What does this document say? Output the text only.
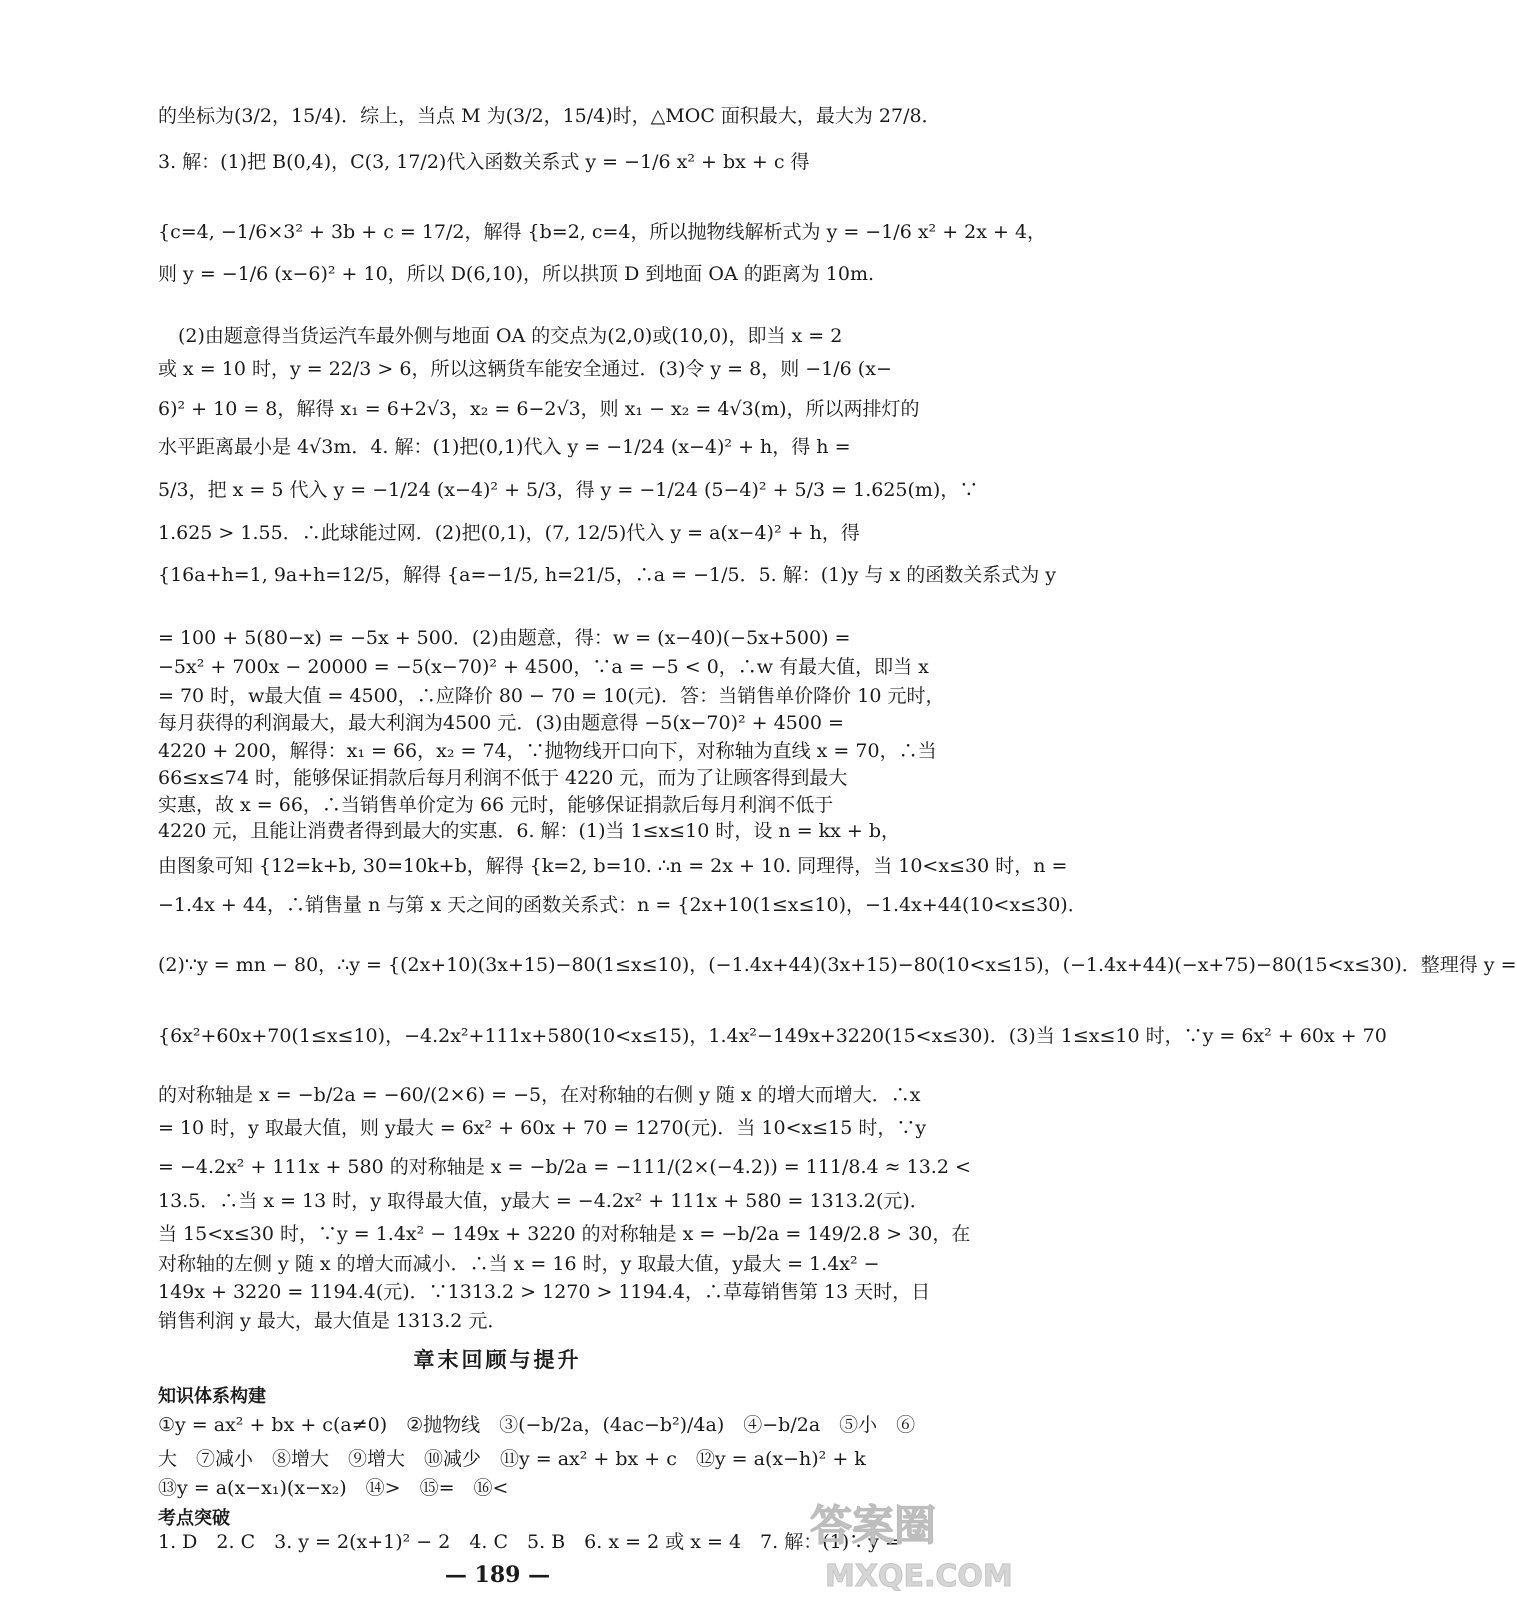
的坐标为(3/2，15/4)．综上，当点 M 为(3/2，15/4)时，△MOC 面积最大，最大为 27/8．
3. 解：(1)把 B(0,4)，C(3, 17/2)代入函数关系式 y = −1/6 x² + bx + c 得
{c=4, −1/6×3² + 3b + c = 17/2，解得 {b=2, c=4，所以抛物线解析式为 y = −1/6 x² + 2x + 4，
则 y = −1/6 (x−6)² + 10，所以 D(6,10)，所以拱顶 D 到地面 OA 的距离为 10m.
(2)由题意得当货运汽车最外侧与地面 OA 的交点为(2,0)或(10,0)，即当 x = 2
或 x = 10 时，y = 22/3 > 6，所以这辆货车能安全通过．(3)令 y = 8，则 −1/6 (x−
6)² + 10 = 8，解得 x₁ = 6+2√3，x₂ = 6−2√3，则 x₁ − x₂ = 4√3(m)，所以两排灯的
水平距离最小是 4√3m．4. 解：(1)把(0,1)代入 y = −1/24 (x−4)² + h，得 h =
5/3，把 x = 5 代入 y = −1/24 (x−4)² + 5/3，得 y = −1/24 (5−4)² + 5/3 = 1.625(m)，∵
1.625 > 1.55．∴此球能过网．(2)把(0,1)，(7, 12/5)代入 y = a(x−4)² + h，得
{16a+h=1, 9a+h=12/5，解得 {a=−1/5, h=21/5，∴a = −1/5．5. 解：(1)y 与 x 的函数关系式为 y
= 100 + 5(80−x) = −5x + 500．(2)由题意，得：w = (x−40)(−5x+500) =
−5x² + 700x − 20000 = −5(x−70)² + 4500，∵a = −5 < 0，∴w 有最大值，即当 x
= 70 时，w最大值 = 4500，∴应降价 80 − 70 = 10(元)．答：当销售单价降价 10 元时，
每月获得的利润最大，最大利润为4500 元．(3)由题意得 −5(x−70)² + 4500 =
4220 + 200，解得：x₁ = 66，x₂ = 74，∵抛物线开口向下，对称轴为直线 x = 70，∴当
66≤x≤74 时，能够保证捐款后每月利润不低于 4220 元，而为了让顾客得到最大
实惠，故 x = 66，∴当销售单价定为 66 元时，能够保证捐款后每月利润不低于
4220 元，且能让消费者得到最大的实惠．6. 解：(1)当 1≤x≤10 时，设 n = kx + b，
由图象可知 {12=k+b, 30=10k+b，解得 {k=2, b=10. ∴n = 2x + 10. 同理得，当 10<x≤30 时，n =
−1.4x + 44，∴销售量 n 与第 x 天之间的函数关系式：n = {2x+10(1≤x≤10)，−1.4x+44(10<x≤30)．
(2)∵y = mn − 80，∴y = {(2x+10)(3x+15)−80(1≤x≤10)，(−1.4x+44)(3x+15)−80(10<x≤15)，(−1.4x+44)(−x+75)−80(15<x≤30)．整理得 y =
{6x²+60x+70(1≤x≤10)，−4.2x²+111x+580(10<x≤15)，1.4x²−149x+3220(15<x≤30)．(3)当 1≤x≤10 时，∵y = 6x² + 60x + 70
的对称轴是 x = −b/2a = −60/(2×6) = −5，在对称轴的右侧 y 随 x 的增大而增大．∴x
= 10 时，y 取最大值，则 y最大 = 6x² + 60x + 70 = 1270(元)．当 10<x≤15 时，∵y
= −4.2x² + 111x + 580 的对称轴是 x = −b/2a = −111/(2×(−4.2)) = 111/8.4 ≈ 13.2 <
13.5．∴当 x = 13 时，y 取得最大值，y最大 = −4.2x² + 111x + 580 = 1313.2(元)．
当 15<x≤30 时，∵y = 1.4x² − 149x + 3220 的对称轴是 x = −b/2a = 149/2.8 > 30，在
对称轴的左侧 y 随 x 的增大而减小．∴当 x = 16 时，y 取最大值，y最大 = 1.4x² −
149x + 3220 = 1194.4(元)．∵1313.2 > 1270 > 1194.4，∴草莓销售第 13 天时，日
销售利润 y 最大，最大值是 1313.2 元．
章末回顾与提升
知识体系构建
①y = ax² + bx + c(a≠0)　②抛物线　③(−b/2a，(4ac−b²)/4a)　④−b/2a　⑤小　⑥
大　⑦减小　⑧增大　⑨增大　⑩减少　⑪y = ax² + bx + c　⑫y = a(x−h)² + k
⑬y = a(x−x₁)(x−x₂)　⑭>　⑮=　⑯<
考点突破
1. D　2. C　3. y = 2(x+1)² − 2　4. C　5. B　6. x = 2 或 x = 4　7. 解：(1)∵y =
— 189 —
答案圈
MXQE.COM
